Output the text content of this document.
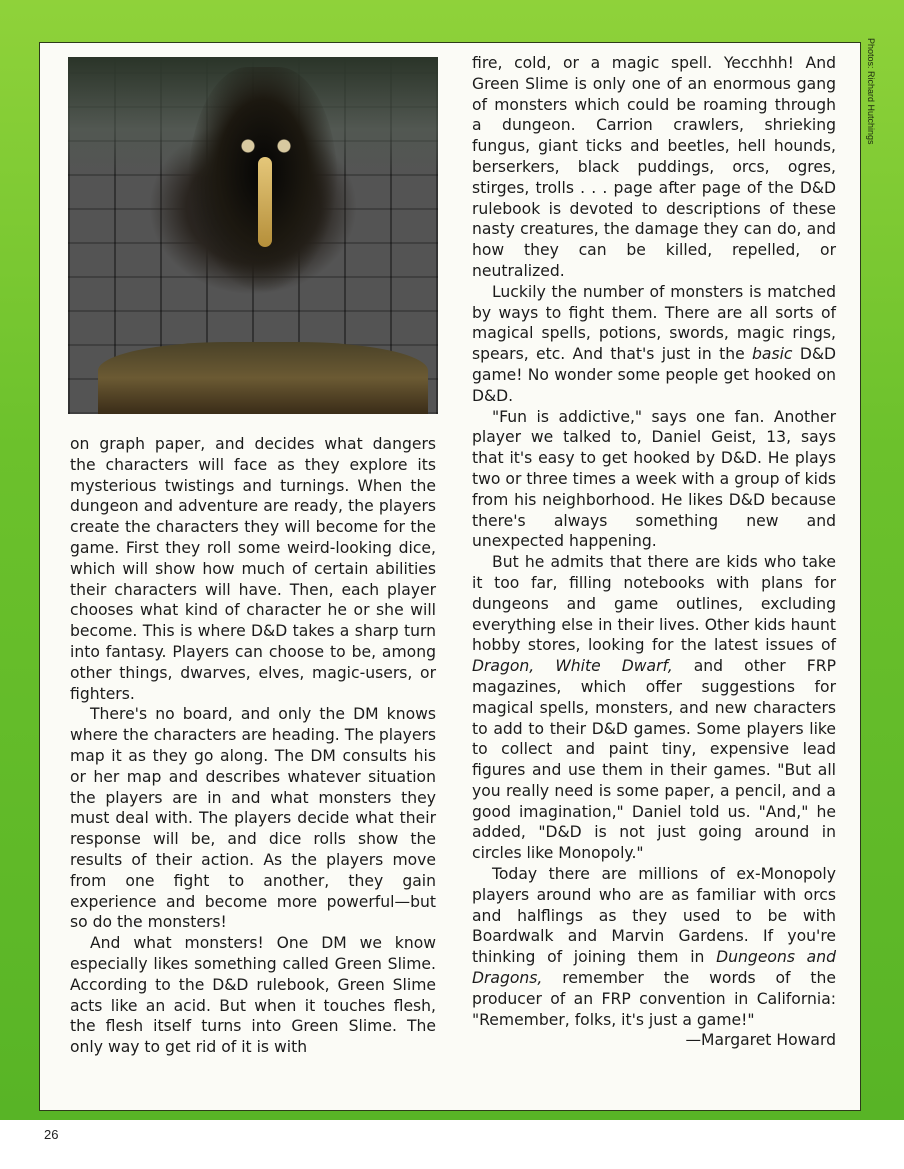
Photos: Richard Hutchings

on graph paper, and decides what dangers the characters will face as they explore its mysterious twistings and turnings. When the dungeon and adventure are ready, the players create the characters they will become for the game. First they roll some weird-looking dice, which will show how much of certain abilities their characters will have. Then, each player chooses what kind of character he or she will become. This is where D&D takes a sharp turn into fantasy. Players can choose to be, among other things, dwarves, elves, magic-users, or fighters.

There's no board, and only the DM knows where the characters are heading. The players map it as they go along. The DM consults his or her map and describes whatever situation the players are in and what monsters they must deal with. The players decide what their response will be, and dice rolls show the results of their action. As the players move from one fight to another, they gain experience and become more powerful—but so do the monsters!

And what monsters! One DM we know especially likes something called Green Slime. According to the D&D rulebook, Green Slime acts like an acid. But when it touches flesh, the flesh itself turns into Green Slime. The only way to get rid of it is with

fire, cold, or a magic spell. Yecchhh! And Green Slime is only one of an enormous gang of monsters which could be roaming through a dungeon. Carrion crawlers, shrieking fungus, giant ticks and beetles, hell hounds, berserkers, black puddings, orcs, ogres, stirges, trolls . . . page after page of the D&D rulebook is devoted to descriptions of these nasty creatures, the damage they can do, and how they can be killed, repelled, or neutralized.

Luckily the number of monsters is matched by ways to fight them. There are all sorts of magical spells, potions, swords, magic rings, spears, etc. And that's just in the basic D&D game! No wonder some people get hooked on D&D.

"Fun is addictive," says one fan. Another player we talked to, Daniel Geist, 13, says that it's easy to get hooked by D&D. He plays two or three times a week with a group of kids from his neighborhood. He likes D&D because there's always something new and unexpected happening.

But he admits that there are kids who take it too far, filling notebooks with plans for dungeons and game outlines, excluding everything else in their lives. Other kids haunt hobby stores, looking for the latest issues of Dragon, White Dwarf, and other FRP magazines, which offer suggestions for magical spells, monsters, and new characters to add to their D&D games. Some players like to collect and paint tiny, expensive lead figures and use them in their games. "But all you really need is some paper, a pencil, and a good imagination," Daniel told us. "And," he added, "D&D is not just going around in circles like Monopoly."

Today there are millions of ex-Monopoly players around who are as familiar with orcs and halflings as they used to be with Boardwalk and Marvin Gardens. If you're thinking of joining them in Dungeons and Dragons, remember the words of the producer of an FRP convention in California: "Remember, folks, it's just a game!"

—Margaret Howard

26
